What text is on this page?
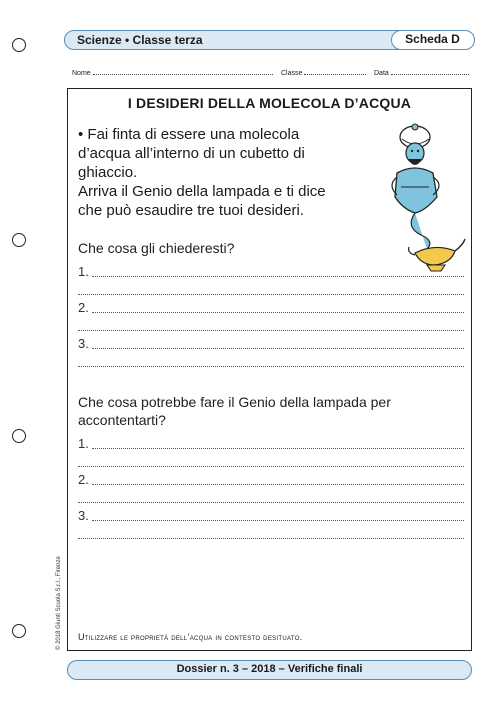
Scienze • Classe terza	Scheda D
Nome	Classe	Data
I DESIDERI DELLA MOLECOLA D’ACQUA
• Fai finta di essere una molecola
d’acqua all’interno di un cubetto di
ghiaccio.
Arriva il Genio della lampada e ti dice
che può esaudire tre tuoi desideri.
Che cosa gli chiederesti?
1.
2.
3.
Che cosa potrebbe fare il Genio della lampada per
accontentarti?
1.
2.
3.
Utilizzare le proprietà dell’acqua in contesto desituato.
© 2018 Giunti Scuola S.r.l., Firenze
Dossier n. 3 – 2018 – Verifiche finali
